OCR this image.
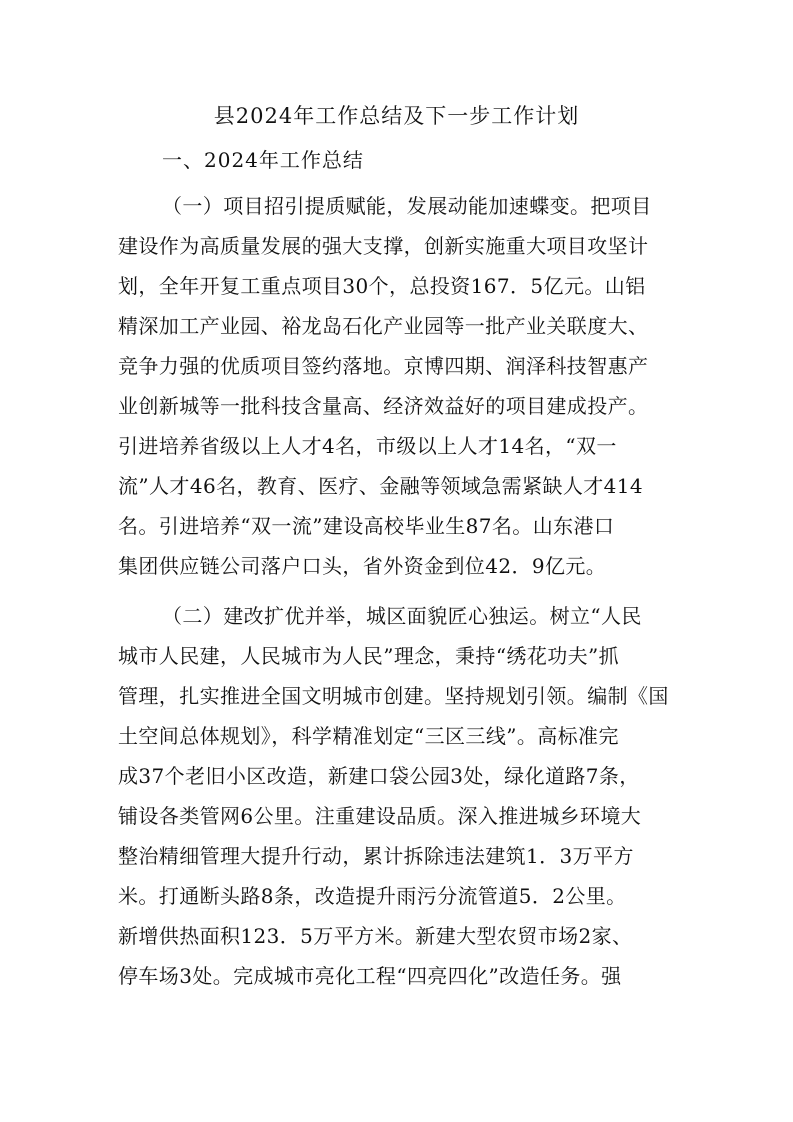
县2024年工作总结及下一步工作计划
一、2024年工作总结
（一）项目招引提质赋能，发展动能加速蝶变。把项目
建设作为高质量发展的强大支撑，创新实施重大项目攻坚计
划，全年开复工重点项目30个，总投资167．5亿元。山铝
精深加工产业园、裕龙岛石化产业园等一批产业关联度大、
竞争力强的优质项目签约落地。京博四期、润泽科技智惠产
业创新城等一批科技含量高、经济效益好的项目建成投产。
引进培养省级以上人才4名，市级以上人才14名，“双一
流”人才46名，教育、医疗、金融等领域急需紧缺人才414
名。引进培养“双一流”建设高校毕业生87名。山东港口
集团供应链公司落户口头，省外资金到位42．9亿元。
（二）建改扩优并举，城区面貌匠心独运。树立“人民
城市人民建，人民城市为人民”理念，秉持“绣花功夫”抓
管理，扎实推进全国文明城市创建。坚持规划引领。编制《国
土空间总体规划》，科学精准划定“三区三线”。高标准完
成37个老旧小区改造，新建口袋公园3处，绿化道路7条，
铺设各类管网6公里。注重建设品质。深入推进城乡环境大
整治精细管理大提升行动，累计拆除违法建筑1．3万平方
米。打通断头路8条，改造提升雨污分流管道5．2公里。
新增供热面积123．5万平方米。新建大型农贸市场2家、
停车场3处。完成城市亮化工程“四亮四化”改造任务。强
